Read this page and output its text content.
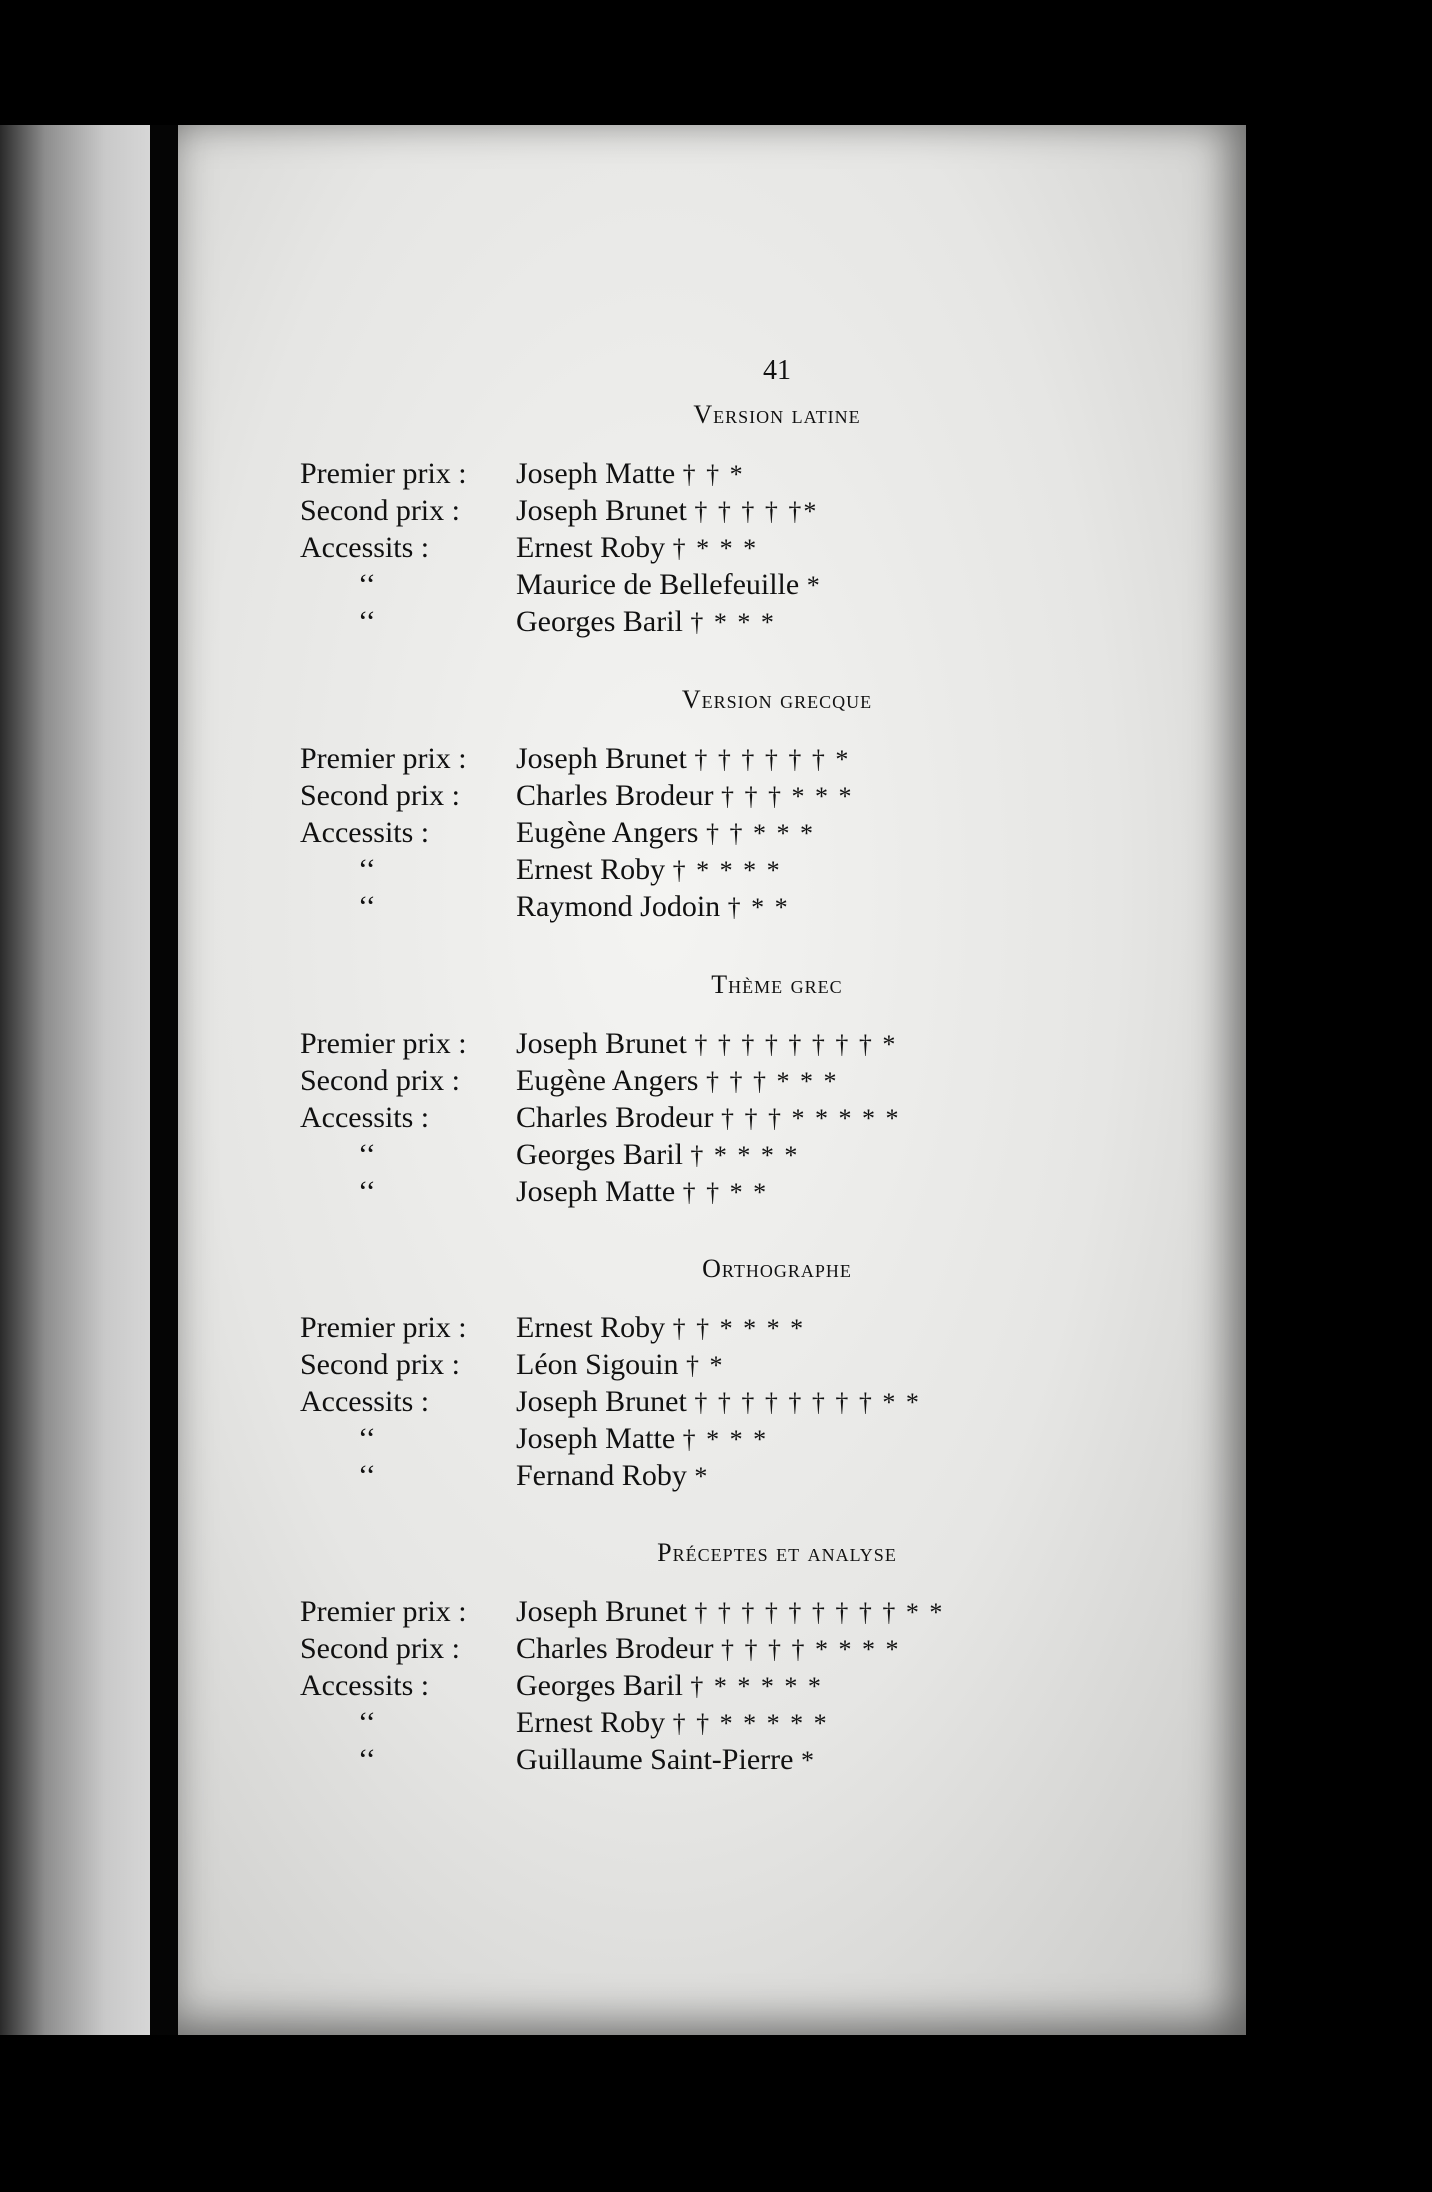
41
Version latine
Premier prix : Joseph Matte † † *
Second prix : Joseph Brunet † † † † †*
Accessits :	Ernest Roby † * * *
‘‘	Maurice de Bellefeuille *
‘‘	Georges Baril † * * *
Version grecque
Premier prix : Joseph Brunet † † † † † † *
Second prix : Charles Brodeur † † † * * *
Accessits :	Eugène Angers † † * * *
‘‘	Ernest Roby † * * * *
‘‘	Raymond Jodoin † * *
Thème grec
Premier prix : Joseph Brunet † † † † † † † † *
Second prix : Eugène Angers † † † * * *
Accessits :	Charles Brodeur † † † * * * * *
‘‘	Georges Baril † * * * *
‘‘	Joseph Matte † † * *
Orthographe
Premier prix : Ernest Roby † † * * * *
Second prix : Léon Sigouin † *
Accessits :	Joseph Brunet † † † † † † † † * *
‘‘	Joseph Matte † * * *
‘‘	Fernand Roby *
Préceptes et analyse
Premier prix : Joseph Brunet † † † † † † † † † * *
Second prix : Charles Brodeur † † † † * * * *
Accessits :	Georges Baril † * * * * *
‘‘	Ernest Roby † † * * * * *
‘‘	Guillaume Saint-Pierre *
